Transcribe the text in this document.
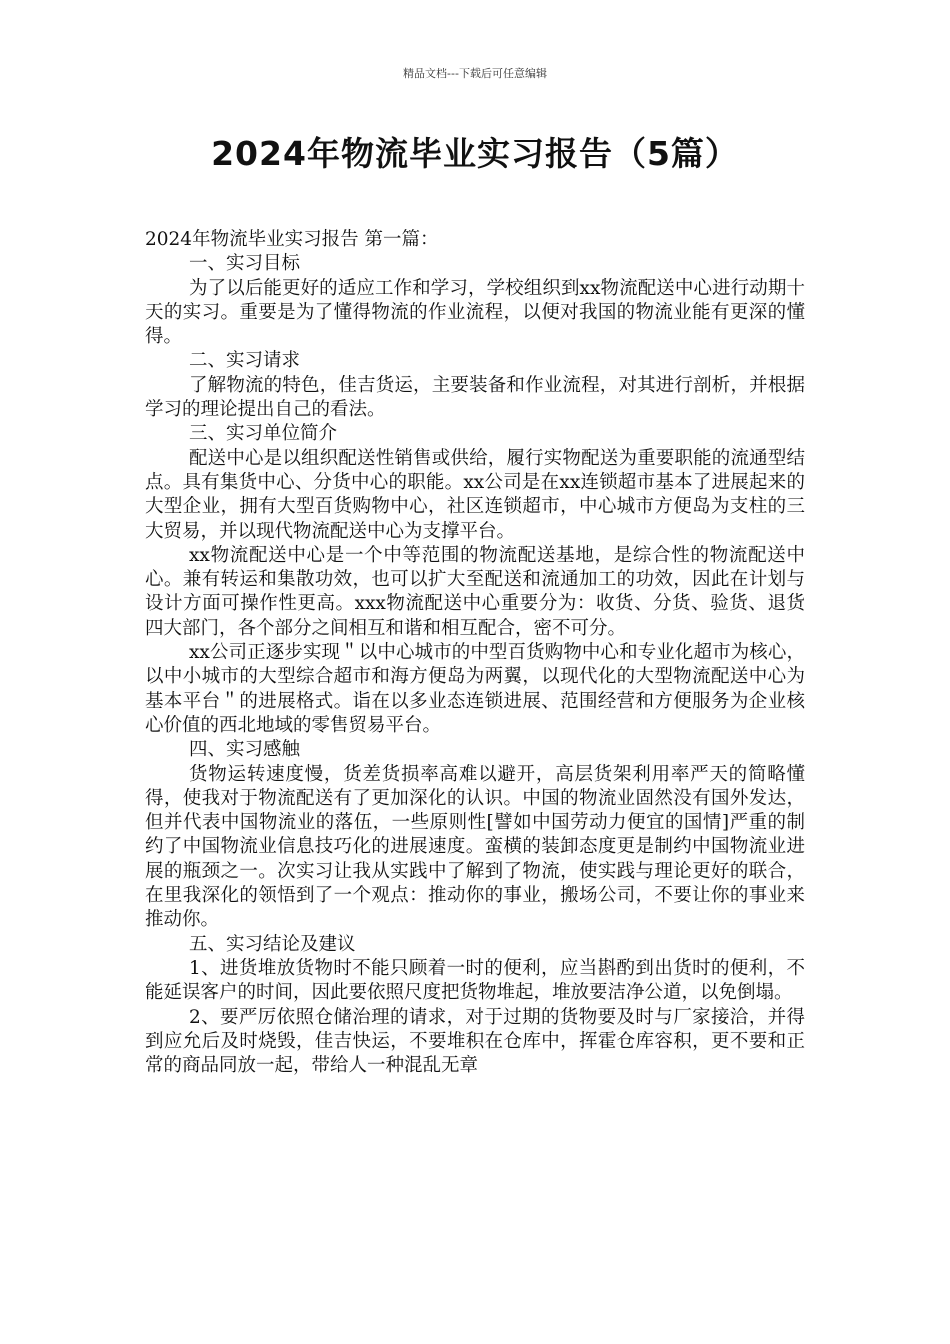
精品文档---下载后可任意编辑
2024年物流毕业实习报告（5篇）

2024年物流毕业实习报告 第一篇：

一、实习目标

为了以后能更好的适应工作和学习，学校组织到xx物流配送中心进行动期十天的实习。重要是为了懂得物流的作业流程，以便对我国的物流业能有更深的懂得。

二、实习请求

了解物流的特色，佳吉货运，主要装备和作业流程，对其进行剖析，并根据学习的理论提出自己的看法。

三、实习单位简介

配送中心是以组织配送性销售或供给，履行实物配送为重要职能的流通型结点。具有集货中心、分货中心的职能。xx公司是在xx连锁超市基本了进展起来的大型企业，拥有大型百货购物中心，社区连锁超市，中心城市方便岛为支柱的三大贸易，并以现代物流配送中心为支撑平台。

xx物流配送中心是一个中等范围的物流配送基地，是综合性的物流配送中心。兼有转运和集散功效，也可以扩大至配送和流通加工的功效，因此在计划与设计方面可操作性更高。xxx物流配送中心重要分为：收货、分货、验货、退货四大部门，各个部分之间相互和谐和相互配合，密不可分。

xx公司正逐步实现＂以中心城市的中型百货购物中心和专业化超市为核心，以中小城市的大型综合超市和海方便岛为两翼，以现代化的大型物流配送中心为基本平台＂的进展格式。诣在以多业态连锁进展、范围经营和方便服务为企业核心价值的西北地域的零售贸易平台。

四、实习感触

货物运转速度慢，货差货损率高难以避开，高层货架利用率严天的简略懂得，使我对于物流配送有了更加深化的认识。中国的物流业固然没有国外发达，但并代表中国物流业的落伍，一些原则性[譬如中国劳动力便宜的国情]严重的制约了中国物流业信息技巧化的进展速度。蛮横的装卸态度更是制约中国物流业进展的瓶颈之一。次实习让我从实践中了解到了物流，使实践与理论更好的联合，在里我深化的领悟到了一个观点：推动你的事业，搬场公司，不要让你的事业来推动你。

五、实习结论及建议

1、进货堆放货物时不能只顾着一时的便利，应当斟酌到出货时的便利，不能延误客户的时间，因此要依照尺度把货物堆起，堆放要洁净公道，以免倒塌。

2、要严厉依照仓储治理的请求，对于过期的货物要及时与厂家接洽，并得到应允后及时烧毁，佳吉快运，不要堆积在仓库中，挥霍仓库容积，更不要和正常的商品同放一起，带给人一种混乱无章
